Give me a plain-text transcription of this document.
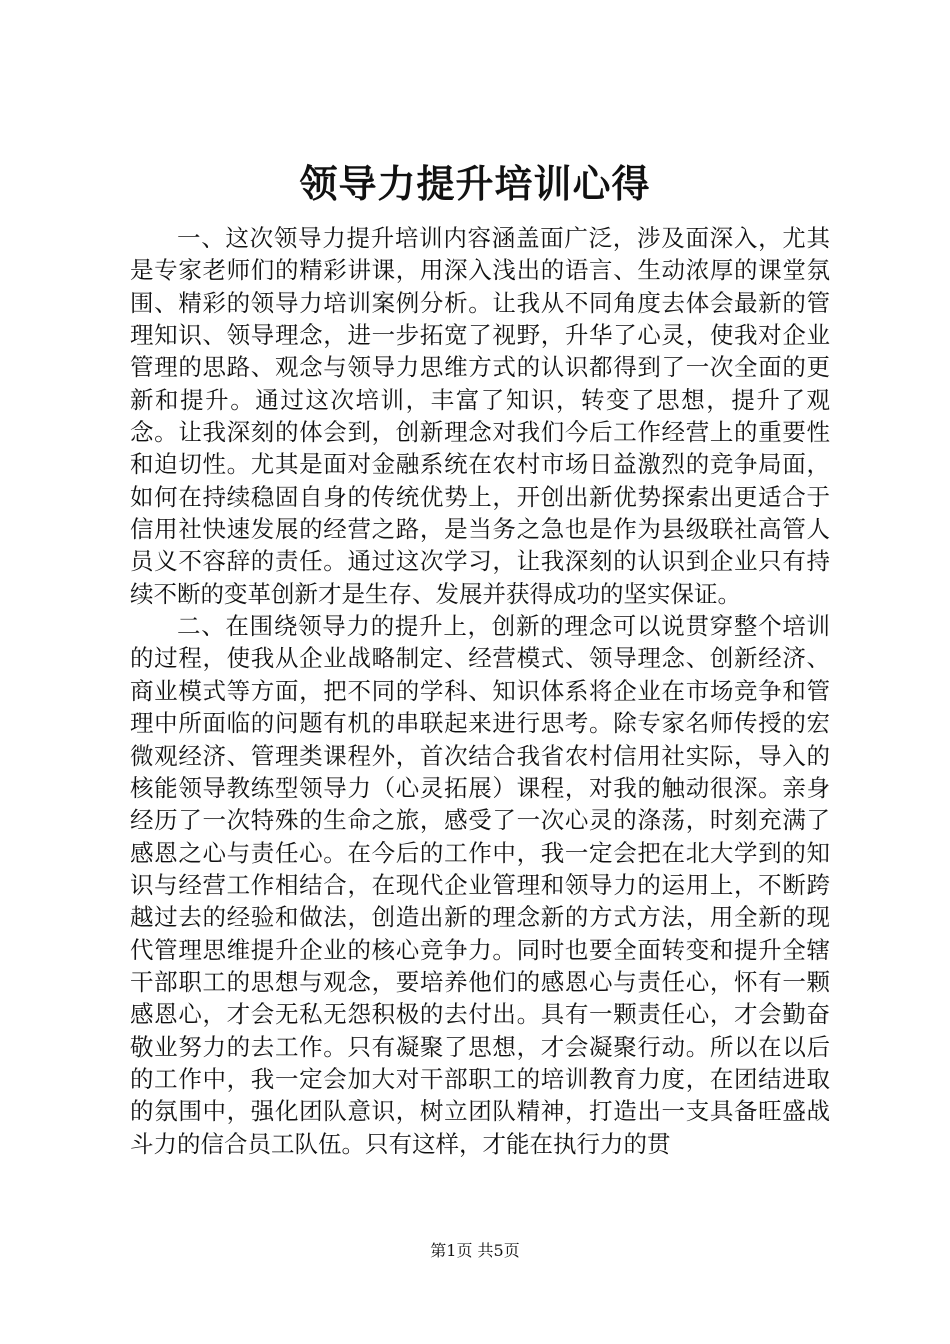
领导力提升培训心得

一、这次领导力提升培训内容涵盖面广泛，涉及面深入，尤其是专家老师们的精彩讲课，用深入浅出的语言、生动浓厚的课堂氛围、精彩的领导力培训案例分析。让我从不同角度去体会最新的管理知识、领导理念，进一步拓宽了视野，升华了心灵，使我对企业管理的思路、观念与领导力思维方式的认识都得到了一次全面的更新和提升。通过这次培训，丰富了知识，转变了思想，提升了观念。让我深刻的体会到，创新理念对我们今后工作经营上的重要性和迫切性。尤其是面对金融系统在农村市场日益激烈的竞争局面，如何在持续稳固自身的传统优势上，开创出新优势探索出更适合于信用社快速发展的经营之路，是当务之急也是作为县级联社高管人员义不容辞的责任。通过这次学习，让我深刻的认识到企业只有持续不断的变革创新才是生存、发展并获得成功的坚实保证。

二、在围绕领导力的提升上，创新的理念可以说贯穿整个培训的过程，使我从企业战略制定、经营模式、领导理念、创新经济、商业模式等方面，把不同的学科、知识体系将企业在市场竞争和管理中所面临的问题有机的串联起来进行思考。除专家名师传授的宏微观经济、管理类课程外，首次结合我省农村信用社实际，导入的核能领导教练型领导力（心灵拓展）课程，对我的触动很深。亲身经历了一次特殊的生命之旅，感受了一次心灵的涤荡，时刻充满了感恩之心与责任心。在今后的工作中，我一定会把在北大学到的知识与经营工作相结合，在现代企业管理和领导力的运用上，不断跨越过去的经验和做法，创造出新的理念新的方式方法，用全新的现代管理思维提升企业的核心竞争力。同时也要全面转变和提升全辖干部职工的思想与观念，要培养他们的感恩心与责任心，怀有一颗感恩心，才会无私无怨积极的去付出。具有一颗责任心，才会勤奋敬业努力的去工作。只有凝聚了思想，才会凝聚行动。所以在以后的工作中，我一定会加大对干部职工的培训教育力度，在团结进取的氛围中，强化团队意识，树立团队精神，打造出一支具备旺盛战斗力的信合员工队伍。只有这样，才能在执行力的贯

第1页 共5页
